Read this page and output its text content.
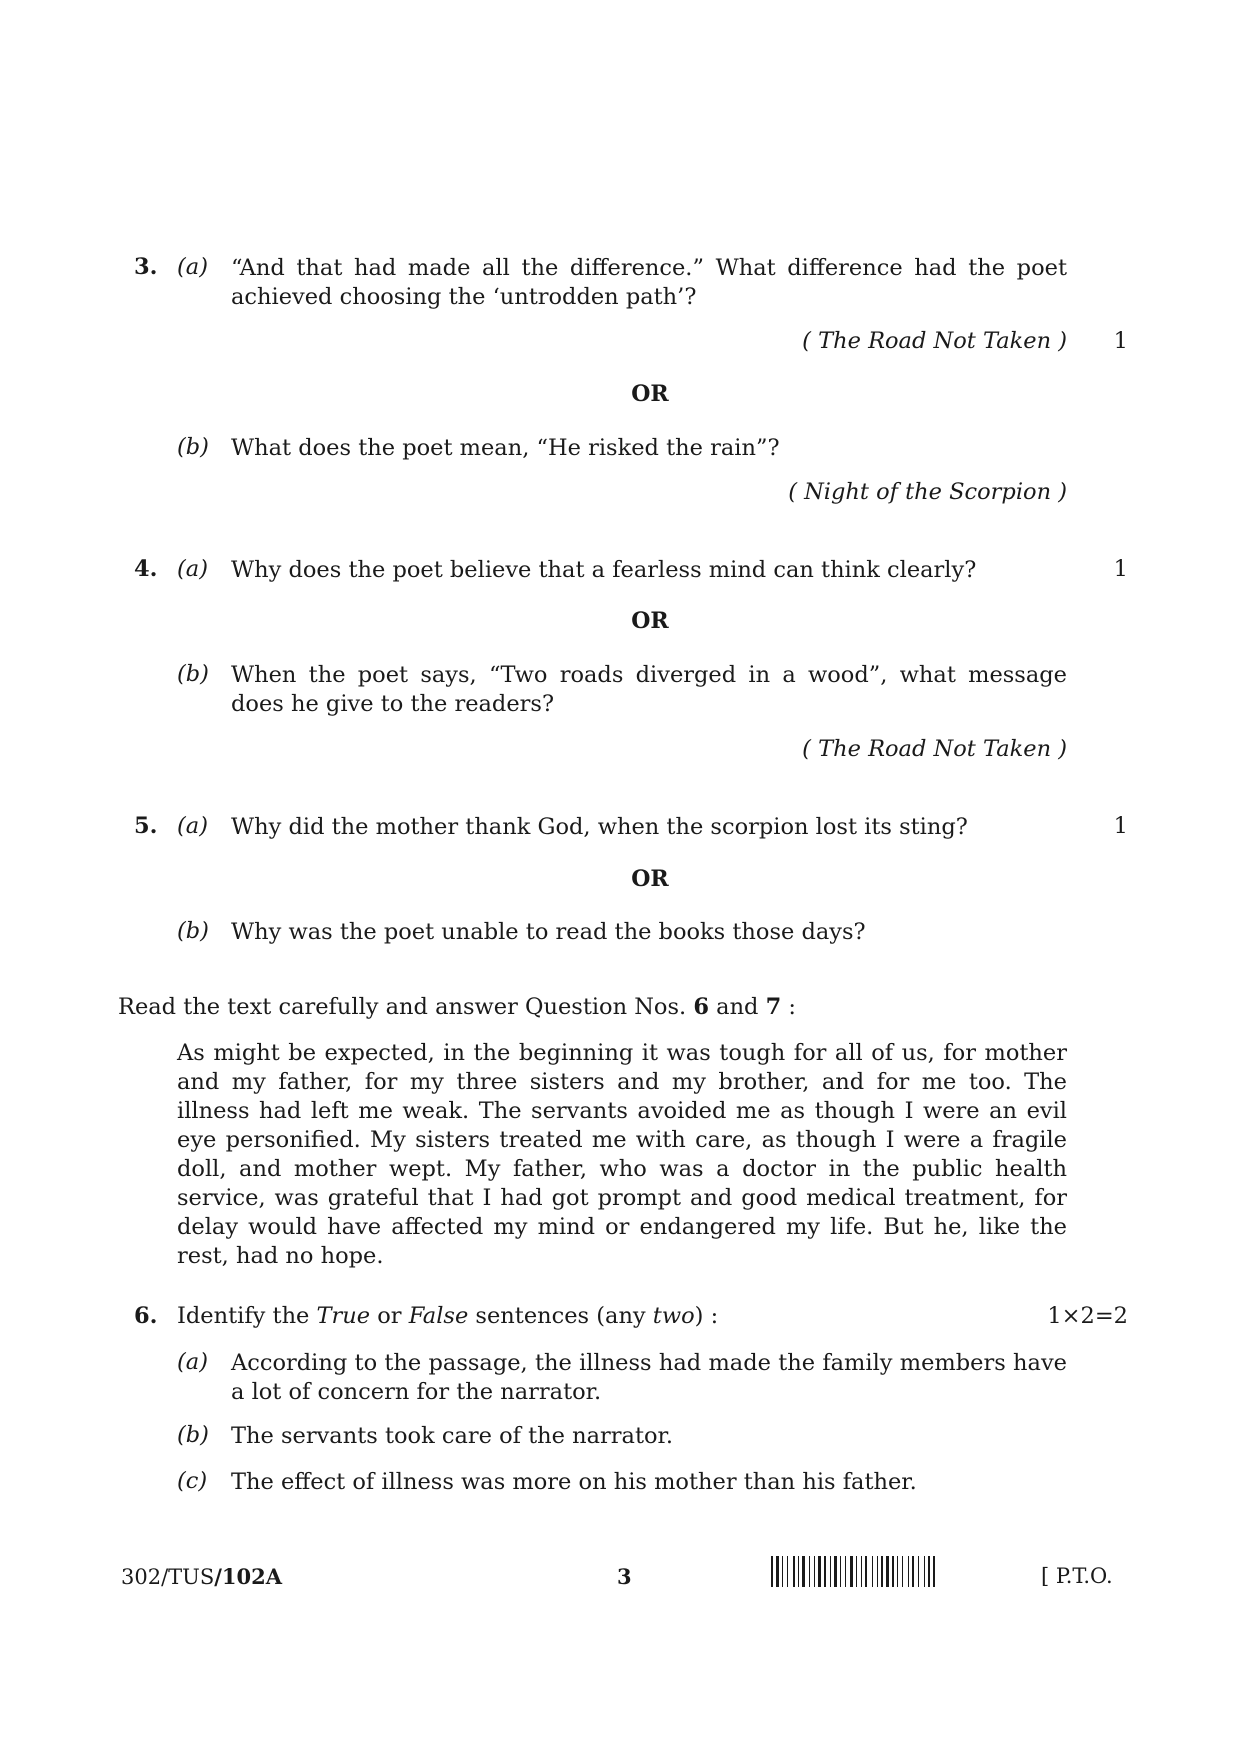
3. (a) “And that had made all the difference.” What difference had the poet achieved choosing the ‘untrodden path’?
( The Road Not Taken )	1
OR
(b) What does the poet mean, “He risked the rain”?
( Night of the Scorpion )
4. (a) Why does the poet believe that a fearless mind can think clearly?	1
OR
(b) When the poet says, “Two roads diverged in a wood”, what message does he give to the readers?
( The Road Not Taken )
5. (a) Why did the mother thank God, when the scorpion lost its sting?	1
OR
(b) Why was the poet unable to read the books those days?
Read the text carefully and answer Question Nos. 6 and 7 :
As might be expected, in the beginning it was tough for all of us, for mother and my father, for my three sisters and my brother, and for me too. The illness had left me weak. The servants avoided me as though I were an evil eye personified. My sisters treated me with care, as though I were a fragile doll, and mother wept. My father, who was a doctor in the public health service, was grateful that I had got prompt and good medical treatment, for delay would have affected my mind or endangered my life. But he, like the rest, had no hope.
6. Identify the True or False sentences (any two) :	1×2=2
(a) According to the passage, the illness had made the family members have a lot of concern for the narrator.
(b) The servants took care of the narrator.
(c) The effect of illness was more on his mother than his father.
302/TUS/102A	3	[ P.T.O.
